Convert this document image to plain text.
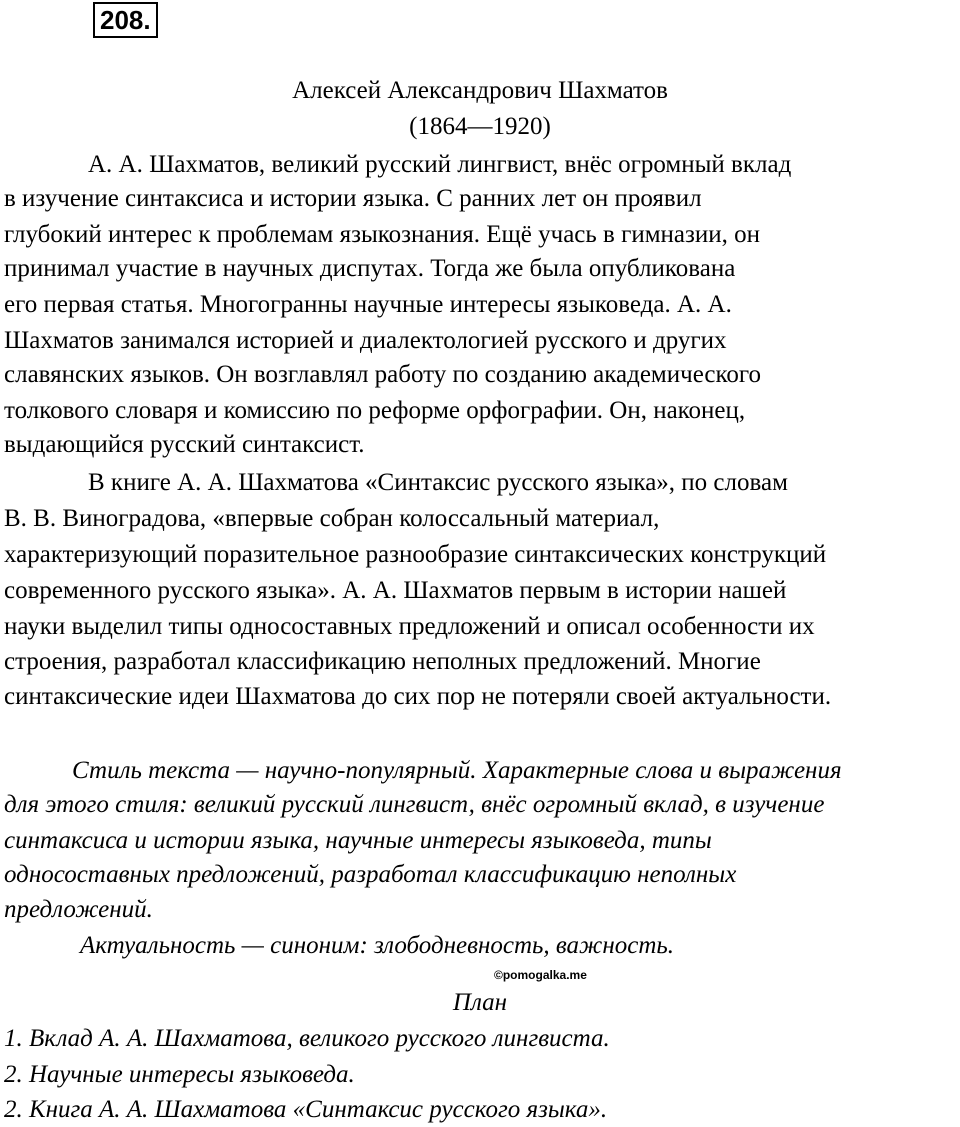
208.
Алексей Александрович Шахматов
(1864—1920)
А. А. Шахматов, великий русский лингвист, внёс огромный вклад
в изучение синтаксиса и истории языка. С ранних лет он проявил
глубокий интерес к проблемам языкознания. Ещё учась в гимназии, он
принимал участие в научных диспутах. Тогда же была опубликована
его первая статья. Многогранны научные интересы языковеда. А. А.
Шахматов занимался историей и диалектологией русского и других
славянских языков. Он возглавлял работу по созданию академического
толкового словаря и комиссию по реформе орфографии. Он, наконец,
выдающийся русский синтаксист.
В книге А. А. Шахматова «Синтаксис русского языка», по словам
В. В. Виноградова, «впервые собран колоссальный материал,
характеризующий поразительное разнообразие синтаксических конструкций
современного русского языка». А. А. Шахматов первым в истории нашей
науки выделил типы односоставных предложений и описал особенности их
строения, разработал классификацию неполных предложений. Многие
синтаксические идеи Шахматова до сих пор не потеряли своей актуальности.
Стиль текста — научно-популярный. Характерные слова и выражения
для этого стиля: великий русский лингвист, внёс огромный вклад, в изучение
синтаксиса и истории языка, научные интересы языковеда, типы
односоставных предложений, разработал классификацию неполных
предложений.
Актуальность — синоним: злободневность, важность.
©pomogalka.me
План
1. Вклад А. А. Шахматова, великого русского лингвиста.
2. Научные интересы языковеда.
2. Книга А. А. Шахматова «Синтаксис русского языка».
